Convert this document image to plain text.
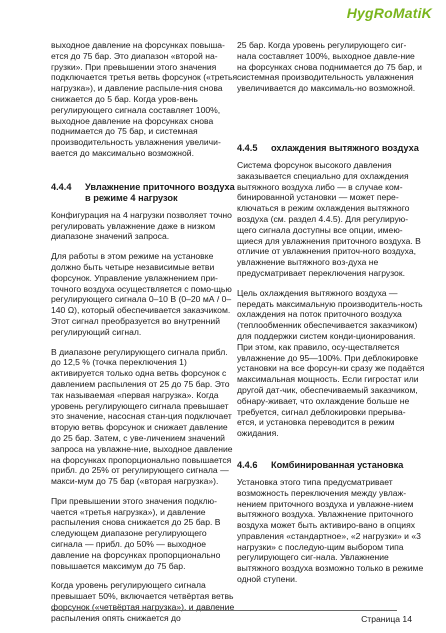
HygRo MatiK

выходное давление на форсунках повыша-ется до 75 бар. Это диапазон «второй на-грузки». При превышении этого значения подключается третья ветвь форсунок («третья нагрузка»), и давление распыле-ния снова снижается до 5 бар. Когда уров-вень регулирующего сигнала составляет 100%, выходное давление на форсунках снова поднимается до 75 бар, и системная производительность увлажнения увеличи-вается до максимально возможной.

4.4.4	Увлажнение приточного воздуха в режиме 4 нагрузок

Конфигурация на 4 нагрузки позволяет точно регулировать увлажнение даже в низком диапазоне значений запроса.

Для работы в этом режиме на установке должно быть четыре независимые ветви форсунок. Управление увлажнением при-точного воздуха осуществляется с помо-щью регулирующего сигнала 0–10 В (0–20 мА / 0–140 Ω), который обеспечивается заказчиком. Этот сигнал преобразуется во внутренний регулирующий сигнал.

В диапазоне регулирующего сигнала прибл. до 12,5 % (точка переключения 1) активируется только одна ветвь форсунок с давлением распыления от 25 до 75 бар. Это так называемая «первая нагрузка». Когда уровень регулирующего сигнала превышает это значение, насосная стан-ция подключает вторую ветвь форсунок и снижает давление до 25 бар. Затем, с уве-личением значений запроса на увлажне-ние, выходное давление на форсунках пропорционально повышается прибл. до 25% от регулирующего сигнала — макси-мум до 75 бар («вторая нагрузка»).

При превышении этого значения подклю-чается «третья нагрузка»), и давление распыления снова снижается до 25 бар. В следующем диапазоне регулирующего сигнала — прибл. до 50% — выходное давление на форсунках пропорционально повышается максимум до 75 бар.

Когда уровень регулирующего сигнала превышает 50%, включается четвёртая ветвь форсунок («четвёртая нагрузка»), и давление распыления опять снижается до

25 бар. Когда уровень регулирующего сиг-нала составляет 100%, выходное давле-ние на форсунках снова поднимается до 75 бар, и системная производительность увлажнения увеличивается до максималь-но возможной.

4.4.5	охлаждения вытяжного воздуха

Система форсунок высокого давления заказывается специально для охлаждения вытяжного воздуха либо — в случае ком-бинированной установки — может пере-ключаться в режим охлаждения вытяжного воздуха (см. раздел 4.4.5). Для регулирую-щего сигнала доступны все опции, имею-щиеся для увлажнения приточного воздуха. В отличие от увлажнения приточ-ного воздуха, увлажнение вытяжного воз-духа не предусматривает переключения нагрузок.

Цель охлаждения вытяжного воздуха — передать максимальную производитель-ность охлаждения на поток приточного воздуха (теплообменник обеспечивается заказчиком) для поддержки систем конди-ционирования. При этом, как правило, осу-ществляется увлажнение до 95—100%. При деблокировке установки на все форсун-ки сразу же подаётся максимальная мощность. Если гигростат или другой дат-чик, обеспечиваемый заказчиком, обнару-живает, что охлаждение больше не требуется, сигнал деблокировки прерыва-ется, и установка переводится в режим ожидания.

4.4.6	Комбинированная установка

Установка этого типа предусматривает возможность переключения между увлаж-нением приточного воздуха и увлажне-нием вытяжного воздуха. Увлажнение приточного воздуха может быть активиро-вано в опциях управления «стандартное», «2 нагрузки» и «3 нагрузки» с последую-щим выбором типа регулирующего сиг-нала. Увлажнение вытяжного воздуха возможно только в режиме одной ступени.

Страница 14
